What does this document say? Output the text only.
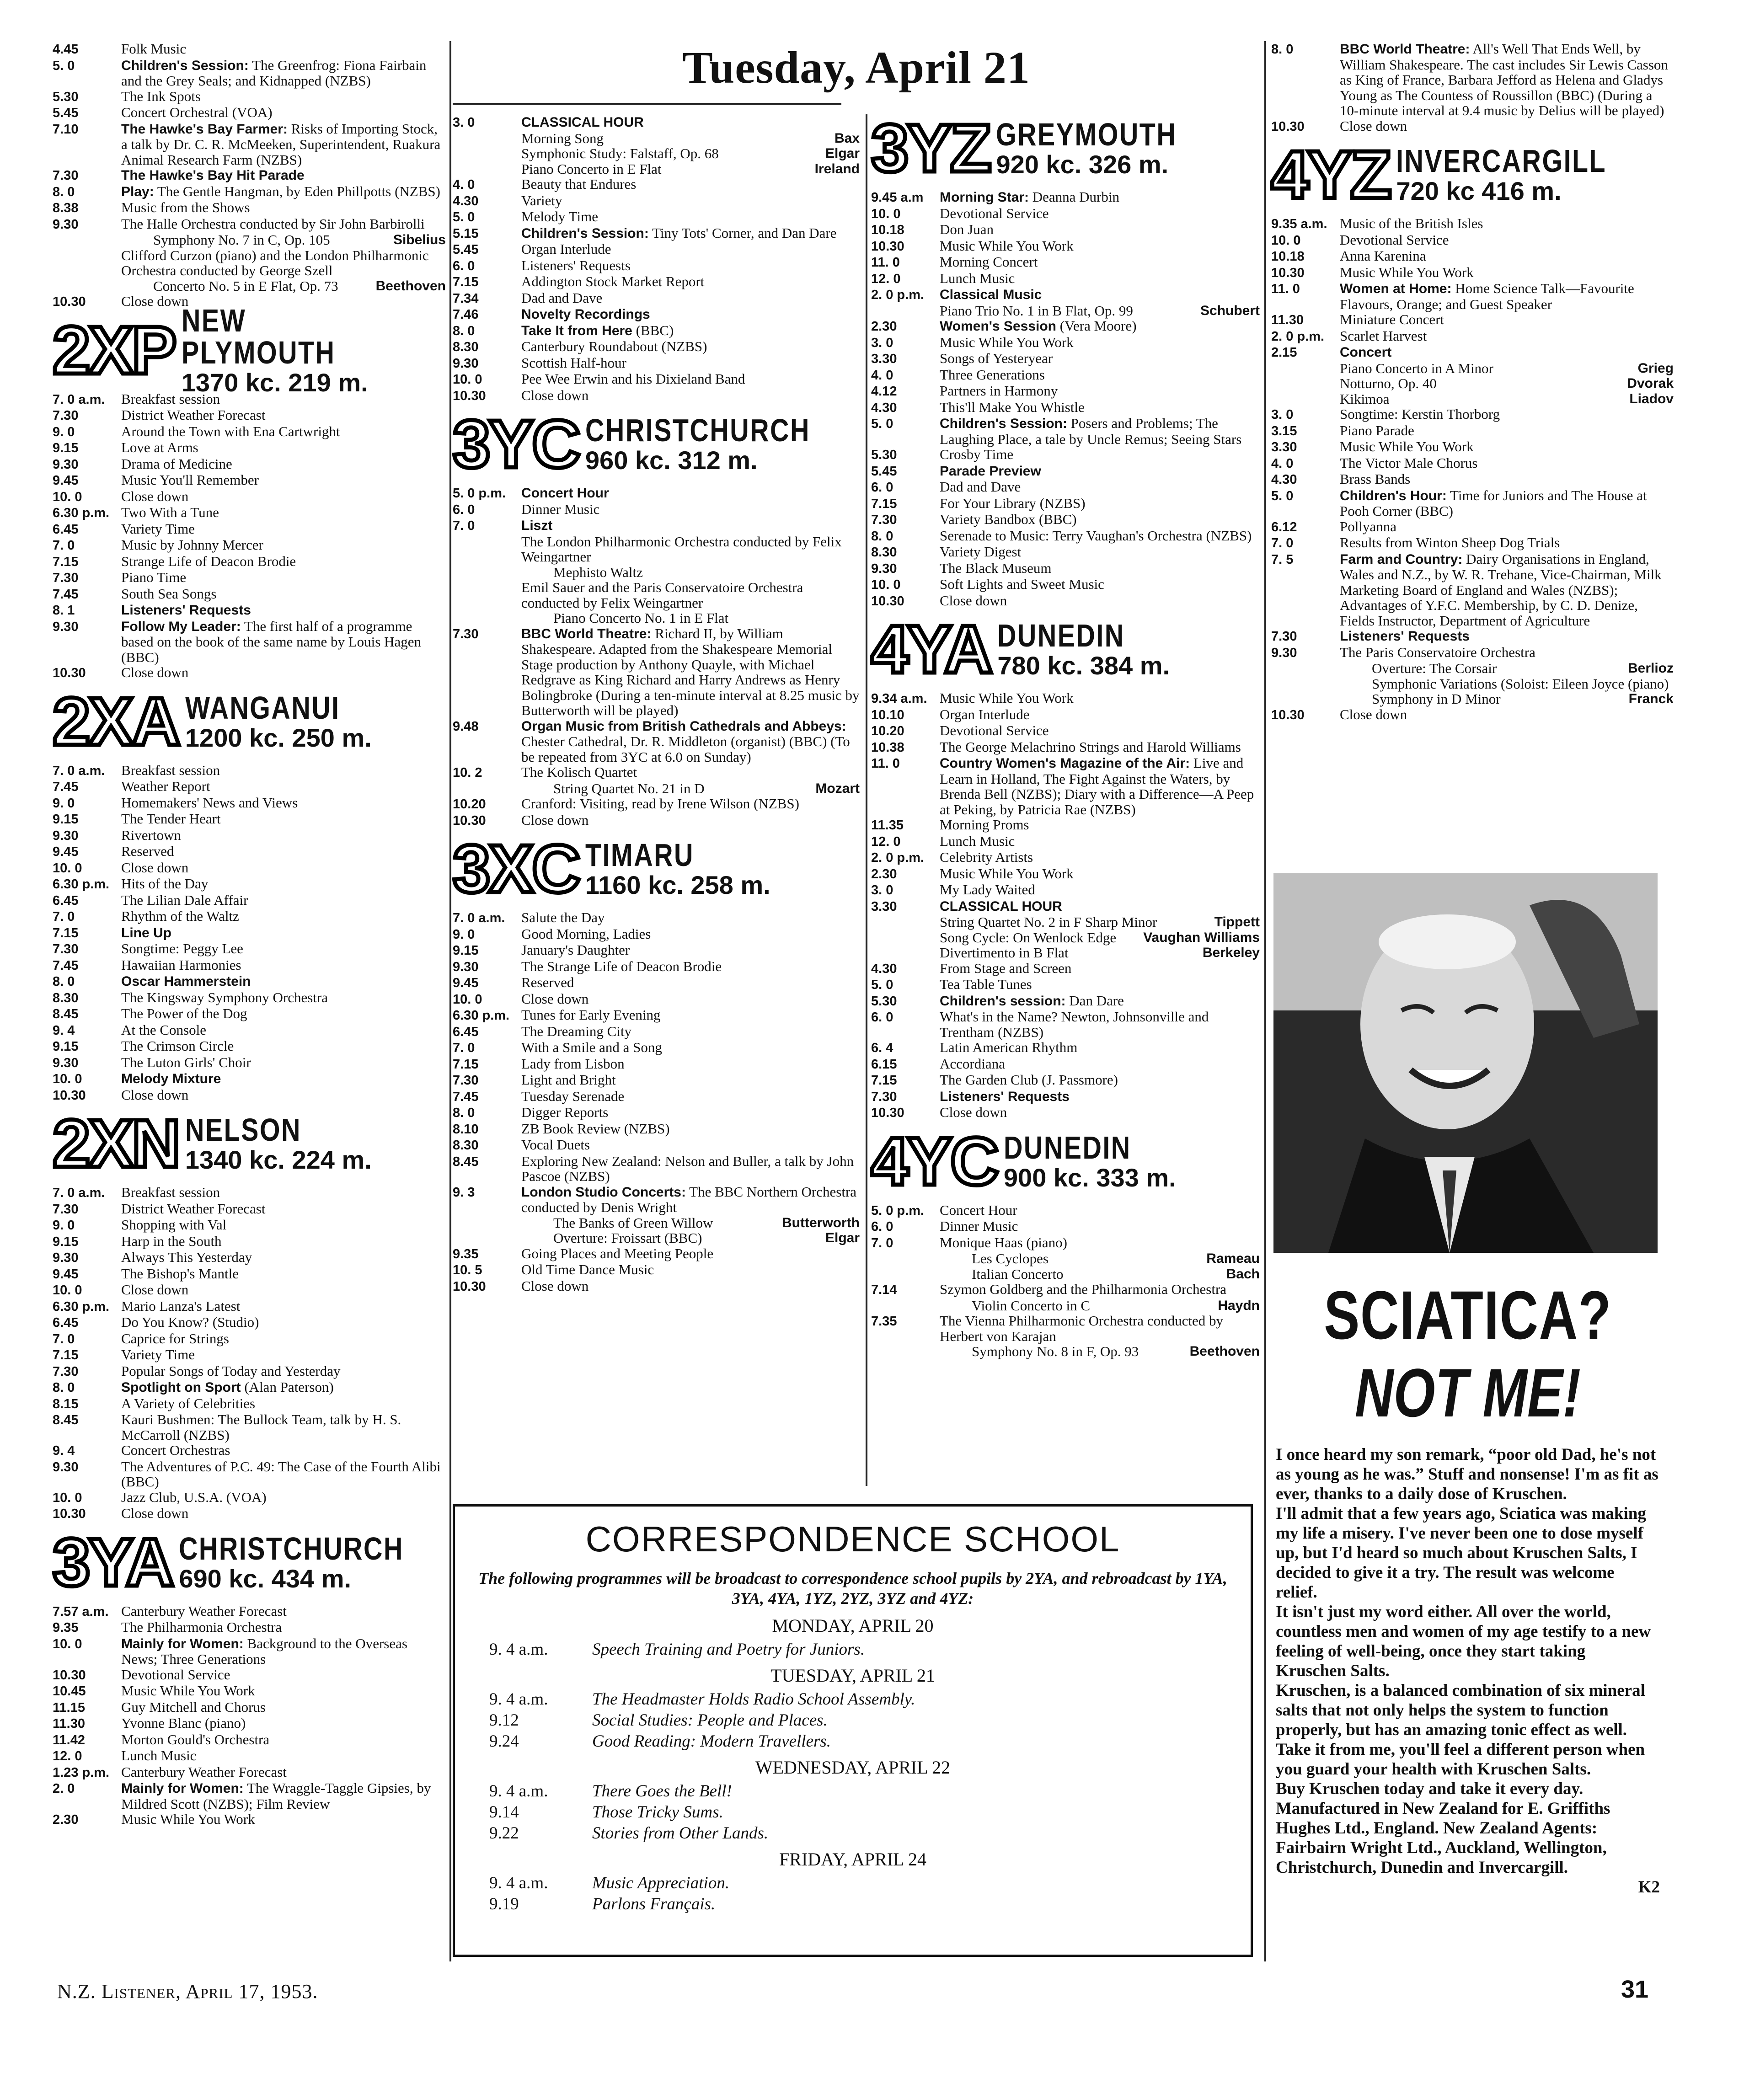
Tuesday, April 21
4.45	Folk Music
5. 0	Children's Session: The Greenfrog: Fiona Fairbain and the Grey Seals; and Kidnapped (NZBS)
5.30	The Ink Spots
5.45	Concert Orchestral (VOA)
7.10	The Hawke's Bay Farmer: Risks of Importing Stock, a talk by Dr. C. R. McMeeken, Superintendent, Ruakura Animal Research Farm (NZBS)
7.30	The Hawke's Bay Hit Parade
8. 0	Play: The Gentle Hangman, by Eden Phillpotts (NZBS)
8.38	Music from the Shows
9.30	The Halle Orchestra conducted by Sir John Barbirolli
Symphony No. 7 in C, Op. 105	Sibelius
Clifford Curzon (piano) and the London Philharmonic Orchestra conducted by George Szell
Concerto No. 5 in E Flat, Op. 73	Beethoven
10.30	Close down
2XP NEW PLYMOUTH
1370 kc. 219 m.
7. 0 a.m.	Breakfast session
7.30	District Weather Forecast
9. 0	Around the Town with Ena Cartwright
9.15	Love at Arms
9.30	Drama of Medicine
9.45	Music You'll Remember
10. 0	Close down
6.30 p.m. Two With a Tune
6.45	Variety Time
7. 0	Music by Johnny Mercer
7.15	Strange Life of Deacon Brodie
7.30	Piano Time
7.45	South Sea Songs
8. 1	Listeners' Requests
9.30	Follow My Leader: The first half of a programme based on the book of the same name by Louis Hagen (BBC)
10.30	Close down
2XA WANGANUI
1200 kc. 250 m.
7. 0 a.m.	Breakfast session
7.45	Weather Report
9. 0	Homemakers' News and Views
9.15	The Tender Heart
9.30	Rivertown
9.45	Reserved
10. 0	Close down
6.30 p.m. Hits of the Day
6.45	The Lilian Dale Affair
7. 0	Rhythm of the Waltz
7.15	Line Up
7.30	Songtime: Peggy Lee
7.45	Hawaiian Harmonies
8. 0	Oscar Hammerstein
8.30	The Kingsway Symphony Orchestra
8.45	The Power of the Dog
9. 4	At the Console
9.15	The Crimson Circle
9.30	The Luton Girls' Choir
10. 0	Melody Mixture
10.30	Close down
2XN NELSON
1340 kc. 224 m.
7. 0 a.m.	Breakfast session
7.30	District Weather Forecast
9. 0	Shopping with Val
9.15	Harp in the South
9.30	Always This Yesterday
9.45	The Bishop's Mantle
10. 0	Close down
6.30 p.m. Mario Lanza's Latest
6.45	Do You Know? (Studio)
7. 0	Caprice for Strings
7.15	Variety Time
7.30	Popular Songs of Today and Yesterday
8. 0	Spotlight on Sport (Alan Paterson)
8.15	A Variety of Celebrities
8.45	Kauri Bushmen: The Bullock Team, talk by H. S. McCarroll (NZBS)
9. 4	Concert Orchestras
9.30	The Adventures of P.C. 49: The Case of the Fourth Alibi (BBC)
10. 0	Jazz Club, U.S.A. (VOA)
10.30	Close down
3YA CHRISTCHURCH
690 kc. 434 m.
7.57 a.m. Canterbury Weather Forecast
9.35	The Philharmonia Orchestra
10. 0	Mainly for Women: Background to the Overseas News; Three Generations
10.30	Devotional Service
10.45	Music While You Work
11.15	Guy Mitchell and Chorus
11.30	Yvonne Blanc (piano)
11.42	Morton Gould's Orchestra
12. 0	Lunch Music
1.23 p.m. Canterbury Weather Forecast
2. 0	Mainly for Women: The Wraggle-Taggle Gipsies, by Mildred Scott (NZBS); Film Review
2.30	Music While You Work
3. 0	CLASSICAL HOUR
Morning Song	Bax
Symphonic Study: Falstaff, Op. 68	Elgar
Piano Concerto in E Flat	Ireland
4. 0	Beauty that Endures
4.30	Variety
5. 0	Melody Time
5.15	Children's Session: Tiny Tots' Corner, and Dan Dare
5.45	Organ Interlude
6. 0	Listeners' Requests
7.15	Addington Stock Market Report
7.34	Dad and Dave
7.46	Novelty Recordings
8. 0	Take It from Here (BBC)
8.30	Canterbury Roundabout (NZBS)
9.30	Scottish Half-hour
10. 0	Pee Wee Erwin and his Dixieland Band
10.30	Close down
3YC CHRISTCHURCH
960 kc. 312 m.
5. 0 p.m.	Concert Hour
6. 0	Dinner Music
7. 0	Liszt
The London Philharmonic Orchestra conducted by Felix Weingartner
Mephisto Waltz
Emil Sauer and the Paris Conservatoire Orchestra conducted by Felix Weingartner
Piano Concerto No. 1 in E Flat
7.30	BBC World Theatre: Richard II, by William Shakespeare. Adapted from the Shakespeare Memorial Stage production by Anthony Quayle, with Michael Redgrave as King Richard and Harry Andrews as Henry Bolingbroke (During a ten-minute interval at 8.25 music by Butterworth will be played)
9.48	Organ Music from British Cathedrals and Abbeys: Chester Cathedral, Dr. R. Middleton (organist) (BBC) (To be repeated from 3YC at 6.0 on Sunday)
10. 2	The Kolisch Quartet
String Quartet No. 21 in D	Mozart
10.20	Cranford: Visiting, read by Irene Wilson (NZBS)
10.30	Close down
3XC TIMARU
1160 kc. 258 m.
7. 0 a.m.	Salute the Day
9. 0	Good Morning, Ladies
9.15	January's Daughter
9.30	The Strange Life of Deacon Brodie
9.45	Reserved
10. 0	Close down
6.30 p.m. Tunes for Early Evening
6.45	The Dreaming City
7. 0	With a Smile and a Song
7.15	Lady from Lisbon
7.30	Light and Bright
7.45	Tuesday Serenade
8. 0	Digger Reports
8.10	ZB Book Review (NZBS)
8.30	Vocal Duets
8.45	Exploring New Zealand: Nelson and Buller, a talk by John Pascoe (NZBS)
9. 3	London Studio Concerts: The BBC Northern Orchestra conducted by Denis Wright
The Banks of Green Willow	Butterworth
Overture: Froissart (BBC)	Elgar
9.35	Going Places and Meeting People
10. 5	Old Time Dance Music
10.30	Close down
3YZ GREYMOUTH
920 kc. 326 m.
9.45 a.m	Morning Star: Deanna Durbin
10. 0	Devotional Service
10.18	Don Juan
10.30	Music While You Work
11. 0	Morning Concert
12. 0	Lunch Music
2. 0 p.m.	Classical Music
Piano Trio No. 1 in B Flat, Op. 99	Schubert
2.30	Women's Session (Vera Moore)
3. 0	Music While You Work
3.30	Songs of Yesteryear
4. 0	Three Generations
4.12	Partners in Harmony
4.30	This'll Make You Whistle
5. 0	Children's Session: Posers and Problems; The Laughing Place, a tale by Uncle Remus; Seeing Stars
5.30	Crosby Time
5.45	Parade Preview
6. 0	Dad and Dave
7.15	For Your Library (NZBS)
7.30	Variety Bandbox (BBC)
8. 0	Serenade to Music: Terry Vaughan's Orchestra (NZBS)
8.30	Variety Digest
9.30	The Black Museum
10. 0	Soft Lights and Sweet Music
10.30	Close down
4YA DUNEDIN
780 kc. 384 m.
9.34 a.m. Music While You Work
10.10	Organ Interlude
10.20	Devotional Service
10.38	The George Melachrino Strings and Harold Williams
11. 0	Country Women's Magazine of the Air: Live and Learn in Holland, The Fight Against the Waters, by Brenda Bell (NZBS); Diary with a Difference—A Peep at Peking, by Patricia Rae (NZBS)
11.35	Morning Proms
12. 0	Lunch Music
2. 0 p.m.	Celebrity Artists
2.30	Music While You Work
3. 0	My Lady Waited
3.30	CLASSICAL HOUR
String Quartet No. 2 in F Sharp Minor	Tippett
Song Cycle: On Wenlock Edge	Vaughan Williams
Divertimento in B Flat	Berkeley
4.30	From Stage and Screen
5. 0	Tea Table Tunes
5.30	Children's session: Dan Dare
6. 0	What's in the Name? Newton, Johnsonville and Trentham (NZBS)
6. 4	Latin American Rhythm
6.15	Accordiana
7.15	The Garden Club (J. Passmore)
7.30	Listeners' Requests
10.30	Close down
4YC DUNEDIN
900 kc. 333 m.
5. 0 p.m.	Concert Hour
6. 0	Dinner Music
7. 0	Monique Haas (piano)
Les Cyclopes	Rameau
Italian Concerto	Bach
7.14	Szymon Goldberg and the Philharmonia Orchestra
Violin Concerto in C	Haydn
7.35	The Vienna Philharmonic Orchestra conducted by Herbert von Karajan
Symphony No. 8 in F, Op. 93	Beethoven
8. 0	BBC World Theatre: All's Well That Ends Well, by William Shakespeare. The cast includes Sir Lewis Casson as King of France, Barbara Jefford as Helena and Gladys Young as The Countess of Roussillon (BBC) (During a 10-minute interval at 9.4 music by Delius will be played)
10.30	Close down
4YZ INVERCARGILL
720 kc 416 m.
9.35 a.m. Music of the British Isles
10. 0	Devotional Service
10.18	Anna Karenina
10.30	Music While You Work
11. 0	Women at Home: Home Science Talk—Favourite Flavours, Orange; and Guest Speaker
11.30	Miniature Concert
2. 0 p.m.	Scarlet Harvest
2.15	Concert
Piano Concerto in A Minor	Grieg
Notturno, Op. 40	Dvorak
Kikimoa	Liadov
3. 0	Songtime: Kerstin Thorborg
3.15	Piano Parade
3.30	Music While You Work
4. 0	The Victor Male Chorus
4.30	Brass Bands
5. 0	Children's Hour: Time for Juniors and The House at Pooh Corner (BBC)
6.12	Pollyanna
7. 0	Results from Winton Sheep Dog Trials
7. 5	Farm and Country: Dairy Organisations in England, Wales and N.Z., by W. R. Trehane, Vice-Chairman, Milk Marketing Board of England and Wales (NZBS); Advantages of Y.F.C. Membership, by C. D. Denize, Fields Instructor, Department of Agriculture
7.30	Listeners' Requests
9.30	The Paris Conservatoire Orchestra
Overture: The Corsair	Berlioz
Symphonic Variations (Soloist: Eileen Joyce (piano)
Symphony in D Minor	Franck
10.30	Close down
CORRESPONDENCE SCHOOL
The following programmes will be broadcast to correspondence school pupils by 2YA, and rebroadcast by 1YA, 3YA, 4YA, 1YZ, 2YZ, 3YZ and 4YZ:
MONDAY, APRIL 20
9. 4 a.m.	Speech Training and Poetry for Juniors.
TUESDAY, APRIL 21
9. 4 a.m.	The Headmaster Holds Radio School Assembly.
9.12	Social Studies: People and Places.
9.24	Good Reading: Modern Travellers.
WEDNESDAY, APRIL 22
9. 4 a.m.	There Goes the Bell!
9.14	Those Tricky Sums.
9.22	Stories from Other Lands.
FRIDAY, APRIL 24
9. 4 a.m.	Music Appreciation.
9.19	Parlons Français.
SCIATICA?
NOT ME!

I once heard my son remark, “poor old Dad, he's not as young as he was.” Stuff and nonsense! I'm as fit as ever, thanks to a daily dose of Kruschen.

I'll admit that a few years ago, Sciatica was making my life a misery. I've never been one to dose myself up, but I'd heard so much about Kruschen Salts, I decided to give it a try. The result was welcome relief.

It isn't just my word either. All over the world, countless men and women of my age testify to a new feeling of well-being, once they start taking Kruschen Salts.

Kruschen, is a balanced combination of six mineral salts that not only helps the system to function properly, but has an amazing tonic effect as well.

Take it from me, you'll feel a different person when you guard your health with Kruschen Salts.

Buy Kruschen today and take it every day. Manufactured in New Zealand for E. Griffiths Hughes Ltd., England. New Zealand Agents: Fairbairn Wright Ltd., Auckland, Wellington, Christchurch, Dunedin and Invercargill.

K2
N.Z. Listener, April 17, 1953.	31
